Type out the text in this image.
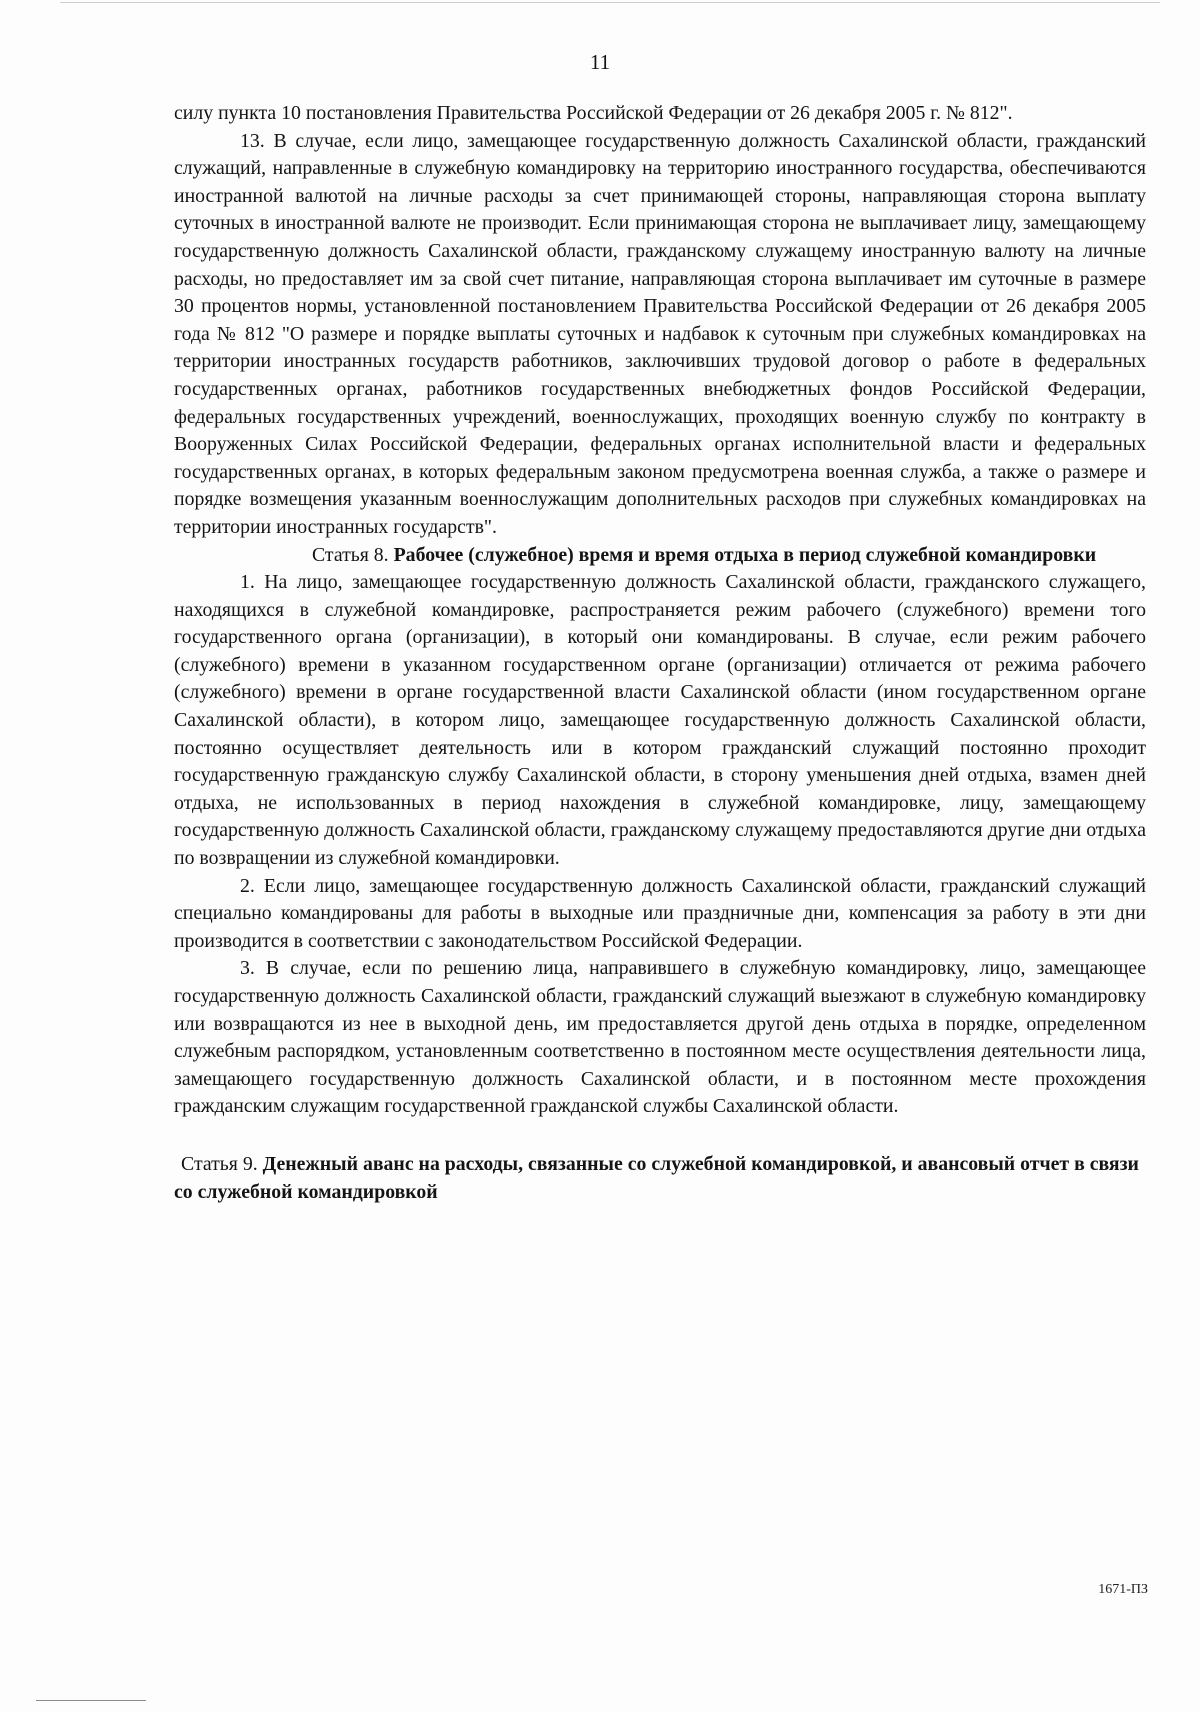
11

силу пункта 10 постановления Правительства Российской Федерации от 26 декабря 2005 г. № 812".

13. В случае, если лицо, замещающее государственную должность Сахалинской области, гражданский служащий, направленные в служебную командировку на территорию иностранного государства, обеспечиваются иностранной валютой на личные расходы за счет принимающей стороны, направляющая сторона выплату суточных в иностранной валюте не производит. Если принимающая сторона не выплачивает лицу, замещающему государственную должность Сахалинской области, гражданскому служащему иностранную валюту на личные расходы, но предоставляет им за свой счет питание, направляющая сторона выплачивает им суточные в размере 30 процентов нормы, установленной постановлением Правительства Российской Федерации от 26 декабря 2005 года № 812 "О размере и порядке выплаты суточных и надбавок к суточным при служебных командировках на территории иностранных государств работников, заключивших трудовой договор о работе в федеральных государственных органах, работников государственных внебюджетных фондов Российской Федерации, федеральных государственных учреждений, военнослужащих, проходящих военную службу по контракту в Вооруженных Силах Российской Федерации, федеральных органах исполнительной власти и федеральных государственных органах, в которых федеральным законом предусмотрена военная служба, а также о размере и порядке возмещения указанным военнослужащим дополнительных расходов при служебных командировках на территории иностранных государств".

Статья 8. Рабочее (служебное) время и время отдыха в период служебной командировки

1. На лицо, замещающее государственную должность Сахалинской области, гражданского служащего, находящихся в служебной командировке, распространяется режим рабочего (служебного) времени того государственного органа (организации), в который они командированы. В случае, если режим рабочего (служебного) времени в указанном государственном органе (организации) отличается от режима рабочего (служебного) времени в органе государственной власти Сахалинской области (ином государственном органе Сахалинской области), в котором лицо, замещающее государственную должность Сахалинской области, постоянно осуществляет деятельность или в котором гражданский служащий постоянно проходит государственную гражданскую службу Сахалинской области, в сторону уменьшения дней отдыха, взамен дней отдыха, не использованных в период нахождения в служебной командировке, лицу, замещающему государственную должность Сахалинской области, гражданскому служащему предоставляются другие дни отдыха по возвращении из служебной командировки.

2. Если лицо, замещающее государственную должность Сахалинской области, гражданский служащий специально командированы для работы в выходные или праздничные дни, компенсация за работу в эти дни производится в соответствии с законодательством Российской Федерации.

3. В случае, если по решению лица, направившего в служебную командировку, лицо, замещающее государственную должность Сахалинской области, гражданский служащий выезжают в служебную командировку или возвращаются из нее в выходной день, им предоставляется другой день отдыха в порядке, определенном служебным распорядком, установленным соответственно в постоянном месте осуществления деятельности лица, замещающего государственную должность Сахалинской области, и в постоянном месте прохождения гражданским служащим государственной гражданской службы Сахалинской области.

Статья 9. Денежный аванс на расходы, связанные со служебной командировкой, и авансовый отчет в связи со служебной командировкой

1671-ПЗ
